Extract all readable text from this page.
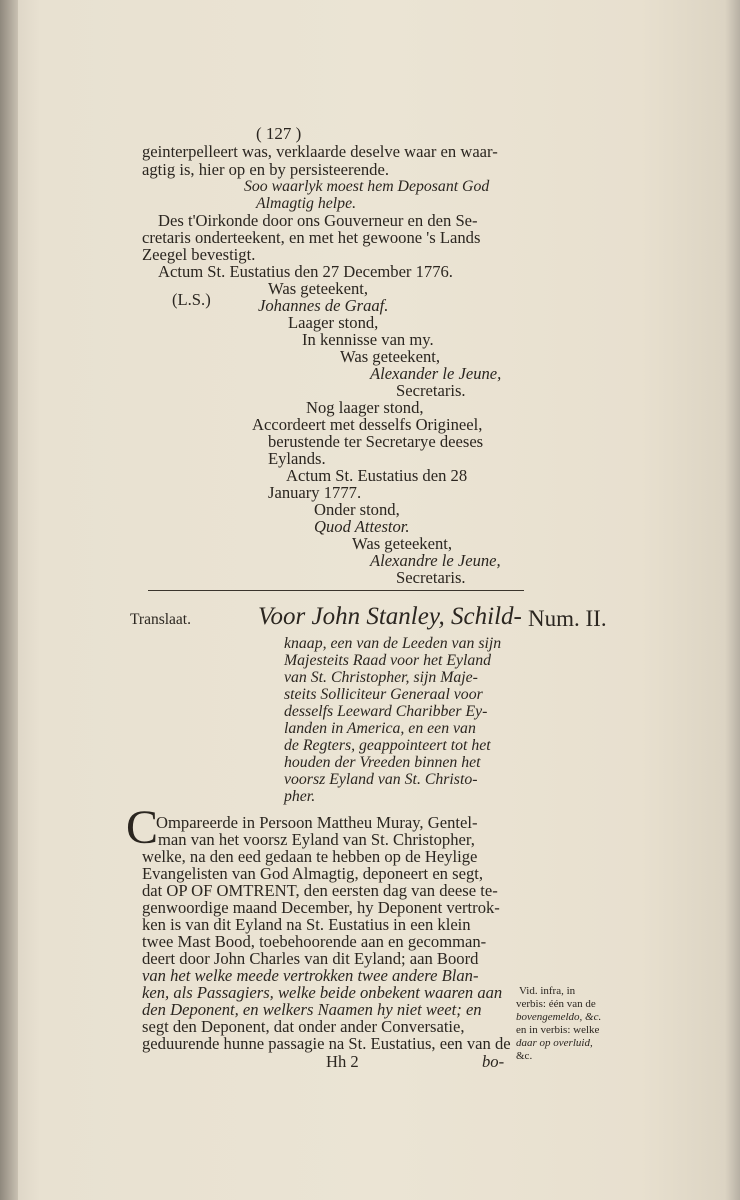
( 127 )
geinterpelleert was, verklaarde deselve waar en waar-
agtig is, hier op en by persisteerende.
Soo waarlyk moest hem Deposant God
Almagtig helpe.
Des t'Oirkonde door ons Gouverneur en den Se-
cretaris onderteekent, en met het gewoone 's Lands
Zeegel bevestigt.
Actum St. Eustatius den 27 December 1776.
Was geteekent,
(L.S.)	Johannes de Graaf.
Laager stond,
In kennisse van my.
Was geteekent,
Alexander le Jeune,
Secretaris.
Nog laager stond,
Accordeert met desselfs Origineel,
berustende ter Secretarye deeses
Eylands.
Actum St. Eustatius den 28
January 1777.
Onder stond,
Quod Attestor.
Was geteekent,
Alexandre le Jeune,
Secretaris.
Translaat.	Voor John Stanley, Schild- Num. II.
knaap, een van de Leeden van sijn
Majesteits Raad voor het Eyland
van St. Christopher, sijn Maje-
steits Solliciteur Generaal voor
desselfs Leeward Charibber Ey-
landen in America, en een van
de Regters, geappointeert tot het
houden der Vreeden binnen het
voorsz Eyland van St. Christo-
pher.
C
Ompareerde in Persoon Mattheu Muray, Gentel-
man van het voorsz Eyland van St. Christopher,
welke, na den eed gedaan te hebben op de Heylige
Evangelisten van God Almagtig, deponeert en segt,
dat OP OF OMTRENT, den eersten dag van deese te-
genwoordige maand December, hy Deponent vertrok-
ken is van dit Eyland na St. Eustatius in een klein
twee Mast Bood, toebehoorende aan en gecomman-
deert door John Charles van dit Eyland; aan Boord
van het welke meede vertrokken twee andere Blan-
ken, als Passagiers, welke beide onbekent waaren aan
den Deponent, en welkers Naamen hy niet weet; en
segt den Deponent, dat onder ander Conversatie,
geduurende hunne passagie na St. Eustatius, een van de
Hh 2	bo-
Vid. infra, in
verbis: één van de
bovengemeldo, &c.
en in verbis: welke
daar op overluid,
&c.
